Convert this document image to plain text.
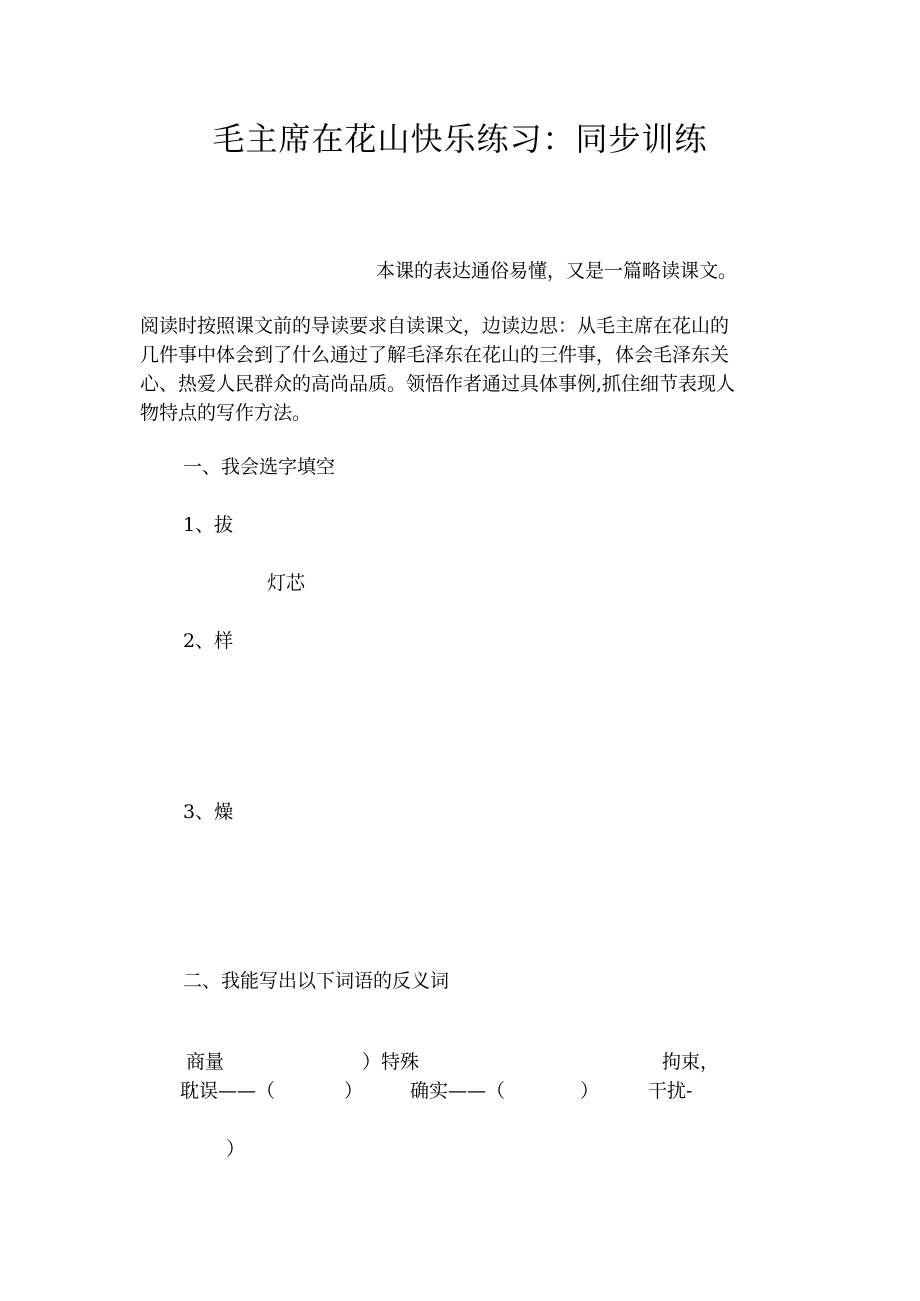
毛主席在花山快乐练习：同步训练
本课的表达通俗易懂，又是一篇略读课文。
阅读时按照课文前的导读要求自读课文，边读边思：从毛主席在花山的
几件事中体会到了什么通过了解毛泽东在花山的三件事，体会毛泽东关
心、热爱人民群众的高尚品质。领悟作者通过具体事例,抓住细节表现人
物特点的写作方法。
一、我会选字填空
1、拔
灯芯
2、样
3、燥
二、我能写出以下词语的反义词
商量	）特殊	拘束，
耽误——（	） 确实——（	）	干扰-
）
